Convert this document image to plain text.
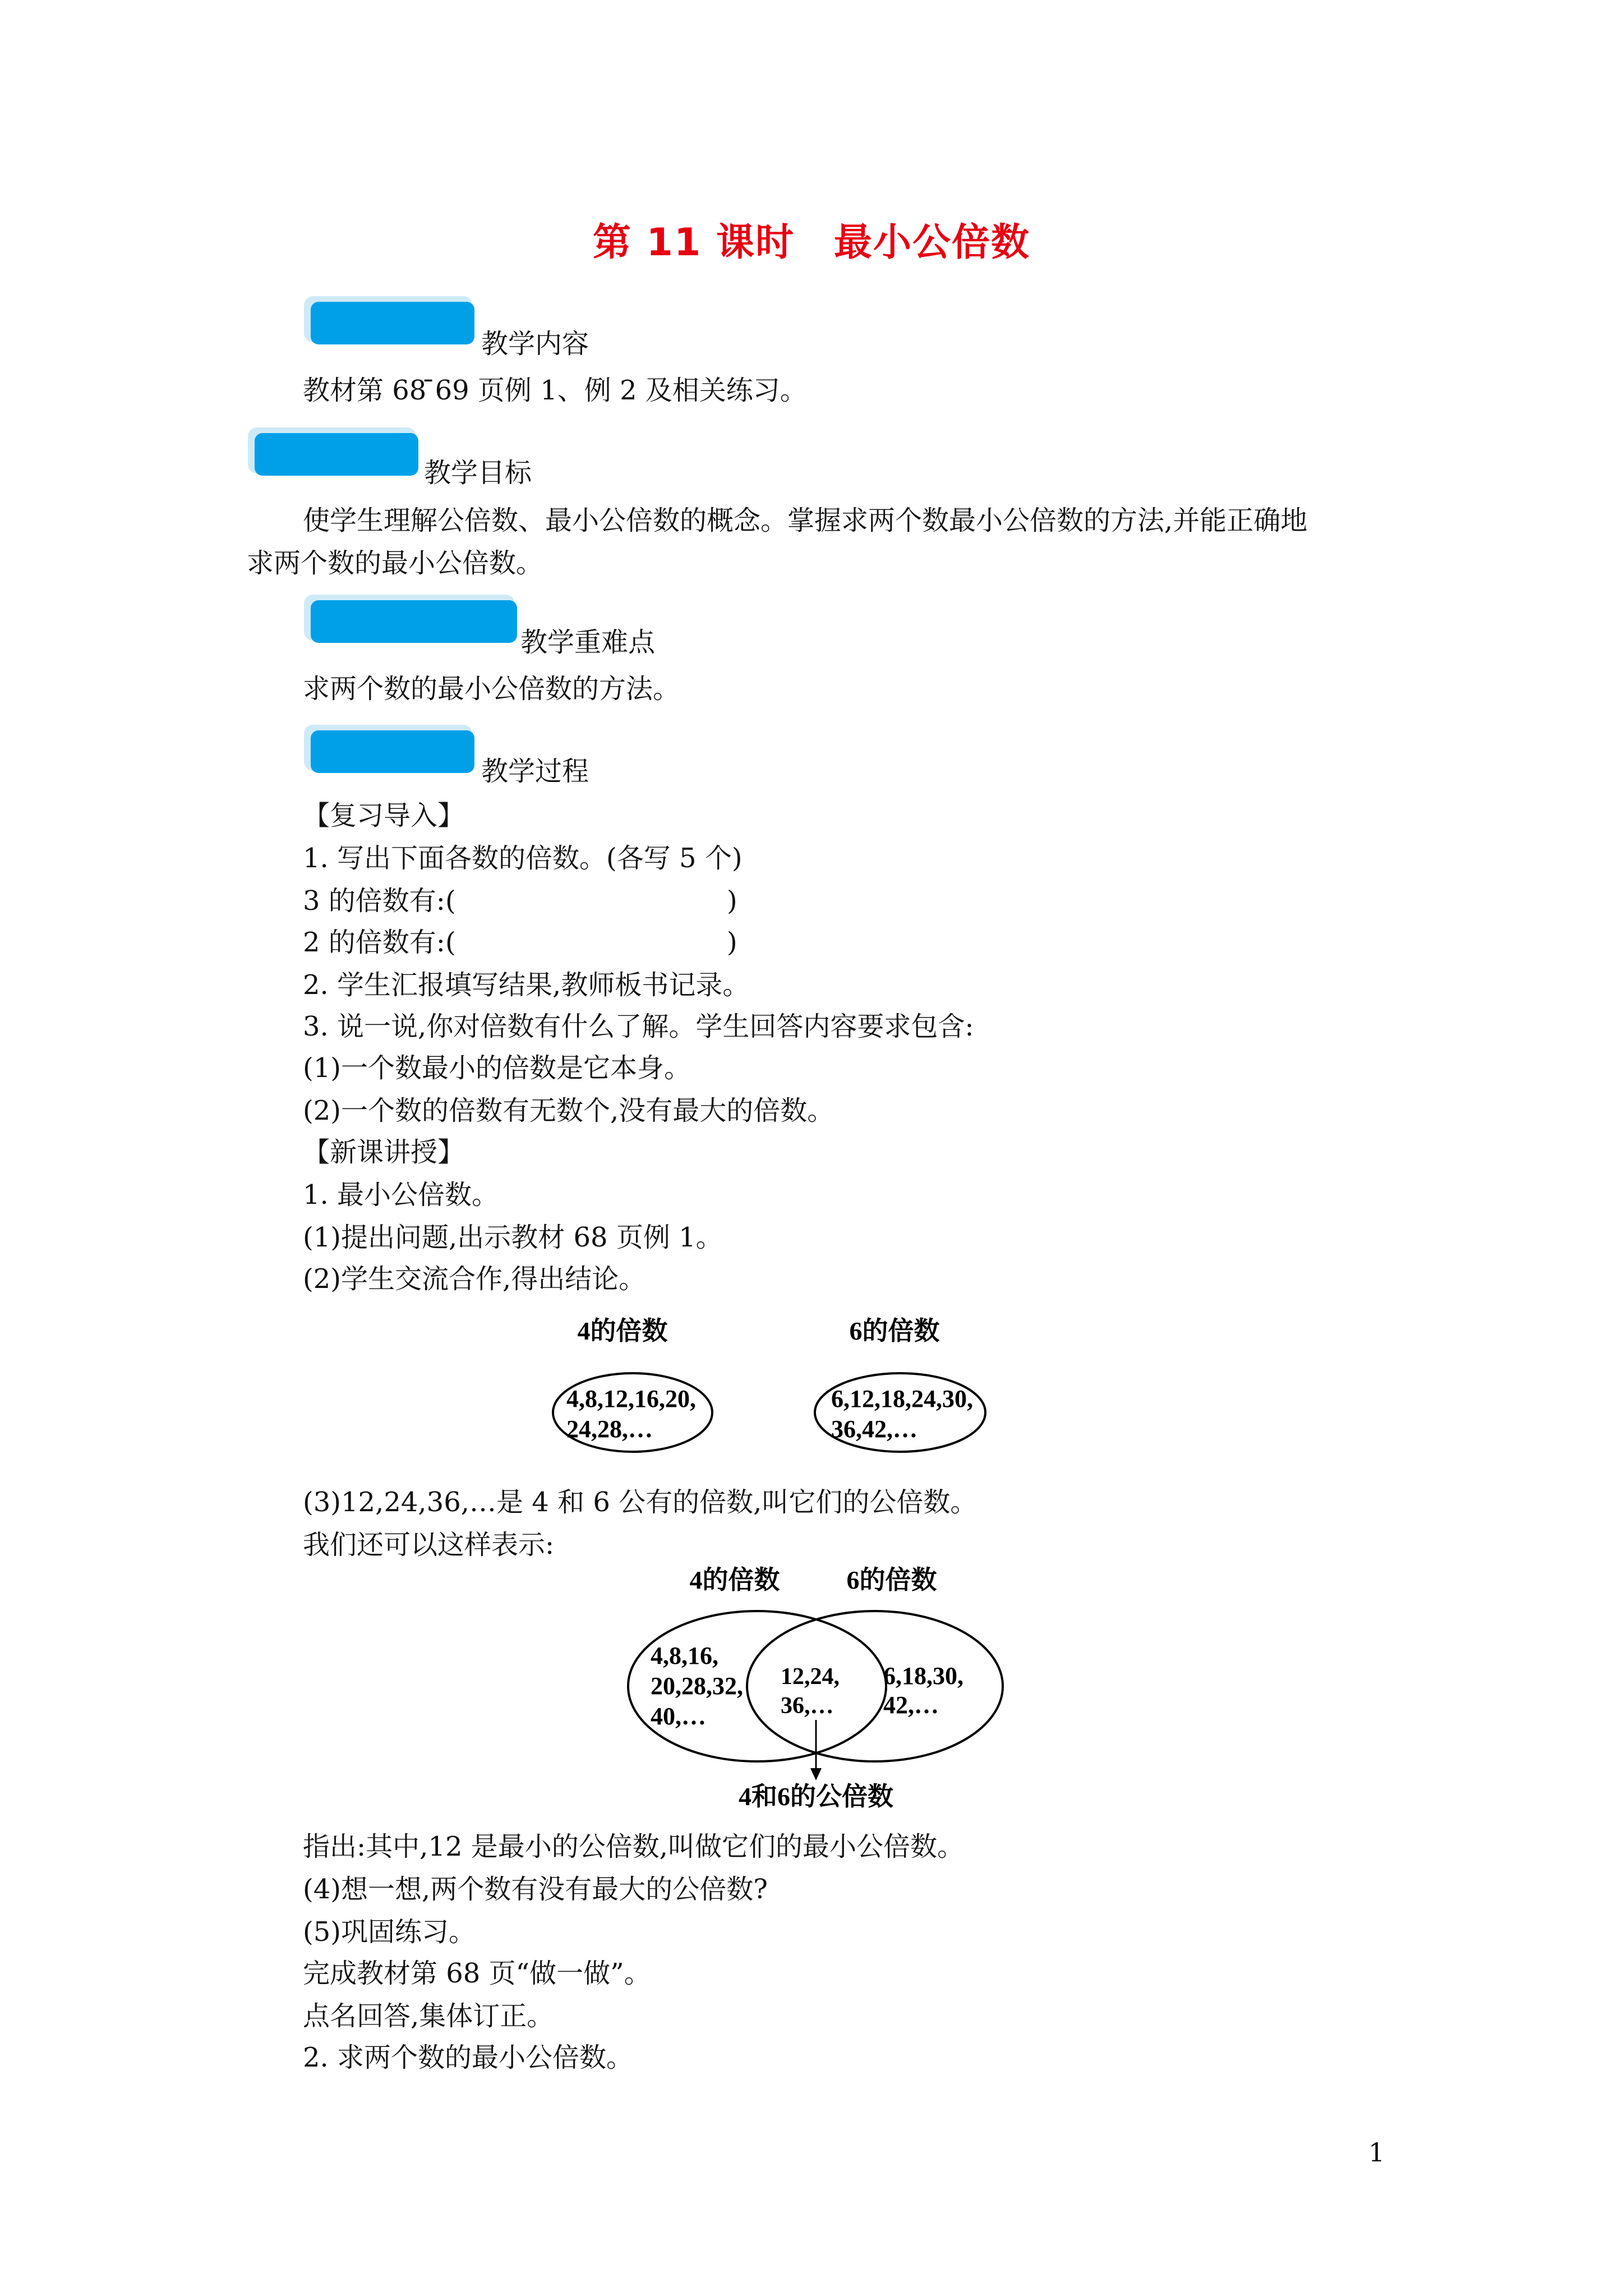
第 11 课时　最小公倍数
教学内容
教材第 68 ̄69 页例 1、例 2 及相关练习。
教学目标
使学生理解公倍数、最小公倍数的概念。掌握求两个数最小公倍数的方法,并能正确地
求两个数的最小公倍数。
教学重难点
求两个数的最小公倍数的方法。
教学过程
【复习导入】
1. 写出下面各数的倍数。(各写 5 个)
3 的倍数有:(	)
2 的倍数有:(	)
2. 学生汇报填写结果,教师板书记录。
3. 说一说,你对倍数有什么了解。学生回答内容要求包含:
(1)一个数最小的倍数是它本身。
(2)一个数的倍数有无数个,没有最大的倍数。
【新课讲授】
1. 最小公倍数。
(1)提出问题,出示教材 68 页例 1。
(2)学生交流合作,得出结论。
4的倍数	6的倍数
4,8,12,16,20,
24,28,…
6,12,18,24,30,
36,42,…
(3)12,24,36,…是 4 和 6 公有的倍数,叫它们的公倍数。
我们还可以这样表示:
4的倍数	6的倍数
4,8,16,
20,28,32,
40,…
12,24,
36,…
6,18,30,
42,…
4和6的公倍数
指出:其中,12 是最小的公倍数,叫做它们的最小公倍数。
(4)想一想,两个数有没有最大的公倍数?
(5)巩固练习。
完成教材第 68 页“做一做”。
点名回答,集体订正。
2. 求两个数的最小公倍数。
1
